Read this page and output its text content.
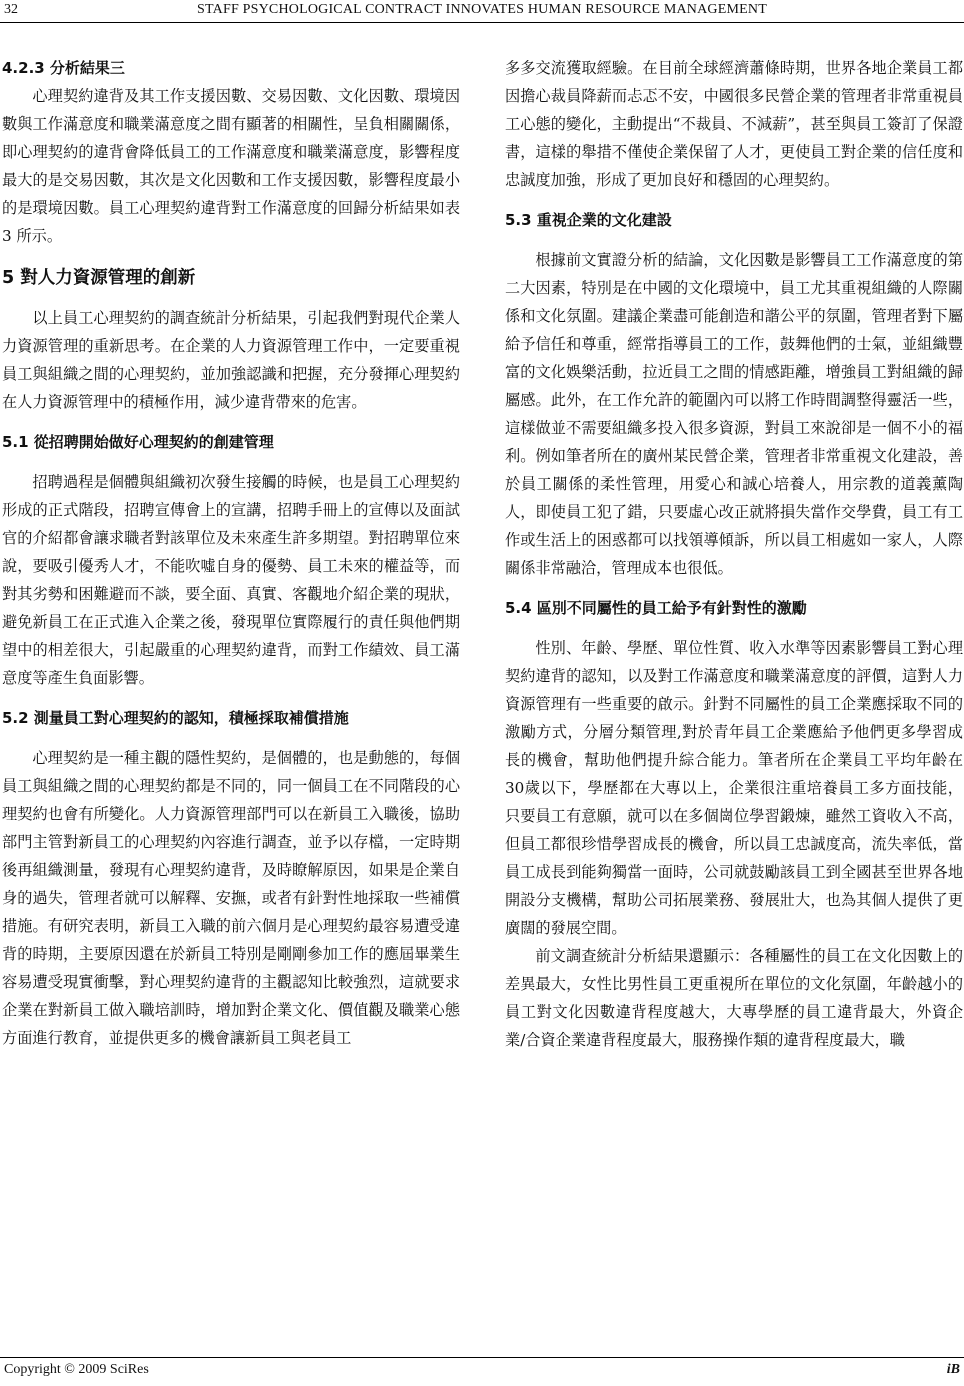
32	STAFF PSYCHOLOGICAL CONTRACT INNOVATES HUMAN RESOURCE MANAGEMENT
4.2.3 分析結果三

心理契約違背及其工作支援因數、交易因數、文化因數、環境因數與工作滿意度和職業滿意度之間有顯著的相關性，呈負相關關係，即心理契約的違背會降低員工的工作滿意度和職業滿意度，影響程度最大的是交易因數，其次是文化因數和工作支援因數，影響程度最小的是環境因數。員工心理契約違背對工作滿意度的回歸分析結果如表 3 所示。

5 對人力資源管理的創新

以上員工心理契約的調查統計分析結果，引起我們對現代企業人力資源管理的重新思考。在企業的人力資源管理工作中，一定要重視員工與組織之間的心理契約，並加強認識和把握，充分發揮心理契約在人力資源管理中的積極作用，減少違背帶來的危害。

5.1 從招聘開始做好心理契約的創建管理

招聘過程是個體與組織初次發生接觸的時候，也是員工心理契約形成的正式階段，招聘宣傳會上的宣講，招聘手冊上的宣傳以及面試官的介紹都會讓求職者對該單位及未來產生許多期望。對招聘單位來說，要吸引優秀人才，不能吹噓自身的優勢、員工未來的權益等，而對其劣勢和困難避而不談，要全面、真實、客觀地介紹企業的現狀，避免新員工在正式進入企業之後，發現單位實際履行的責任與他們期望中的相差很大，引起嚴重的心理契約違背，而對工作績效、員工滿意度等產生負面影響。

5.2 測量員工對心理契約的認知，積極採取補償措施

心理契約是一種主觀的隱性契約，是個體的，也是動態的，每個員工與組織之間的心理契約都是不同的，同一個員工在不同階段的心理契約也會有所變化。人力資源管理部門可以在新員工入職後，協助部門主管對新員工的心理契約內容進行調查，並予以存檔，一定時期後再組織測量，發現有心理契約違背，及時瞭解原因，如果是企業自身的過失，管理者就可以解釋、安撫，或者有針對性地採取一些補償措施。有研究表明，新員工入職的前六個月是心理契約最容易遭受違背的時期，主要原因還在於新員工特別是剛剛參加工作的應屆畢業生容易遭受現實衝擊，對心理契約違背的主觀認知比較強烈，這就要求企業在對新員工做入職培訓時，增加對企業文化、價值觀及職業心態方面進行教育，並提供更多的機會讓新員工與老員工

多多交流獲取經驗。在目前全球經濟蕭條時期，世界各地企業員工都因擔心裁員降薪而忐忑不安，中國很多民營企業的管理者非常重視員工心態的變化，主動提出“不裁員、不減薪”，甚至與員工簽訂了保證書，這樣的舉措不僅使企業保留了人才，更使員工對企業的信任度和忠誠度加強，形成了更加良好和穩固的心理契約。

5.3 重視企業的文化建設

根據前文實證分析的結論，文化因數是影響員工工作滿意度的第二大因素，特別是在中國的文化環境中，員工尤其重視組織的人際關係和文化氛圍。建議企業盡可能創造和諧公平的氛圍，管理者對下屬給予信任和尊重，經常指導員工的工作，鼓舞他們的士氣，並組織豐富的文化娛樂活動，拉近員工之間的情感距離，增強員工對組織的歸屬感。此外，在工作允許的範圍內可以將工作時間調整得靈活一些，這樣做並不需要組織多投入很多資源，對員工來說卻是一個不小的福利。例如筆者所在的廣州某民營企業，管理者非常重視文化建設，善於員工關係的柔性管理，用愛心和誠心培養人，用宗教的道義薰陶人，即使員工犯了錯，只要虛心改正就將損失當作交學費，員工有工作或生活上的困惑都可以找領導傾訴，所以員工相處如一家人，人際關係非常融洽，管理成本也很低。

5.4 區別不同屬性的員工給予有針對性的激勵

性別、年齡、學歷、單位性質、收入水準等因素影響員工對心理契約違背的認知，以及對工作滿意度和職業滿意度的評價，這對人力資源管理有一些重要的啟示。針對不同屬性的員工企業應採取不同的激勵方式，分層分類管理,對於青年員工企業應給予他們更多學習成長的機會，幫助他們提升綜合能力。筆者所在企業員工平均年齡在30歲以下，學歷都在大專以上，企業很注重培養員工多方面技能，只要員工有意願，就可以在多個崗位學習鍛煉，雖然工資收入不高，但員工都很珍惜學習成長的機會，所以員工忠誠度高，流失率低，當員工成長到能夠獨當一面時，公司就鼓勵該員工到全國甚至世界各地開設分支機構，幫助公司拓展業務、發展壯大，也為其個人提供了更廣闊的發展空間。

前文調查統計分析結果還顯示：各種屬性的員工在文化因數上的差異最大，女性比男性員工更重視所在單位的文化氛圍，年齡越小的員工對文化因數違背程度越大，大專學歷的員工違背最大，外資企業/合資企業違背程度最大，服務操作類的違背程度最大，職

Copyright © 2009 SciRes	iB
